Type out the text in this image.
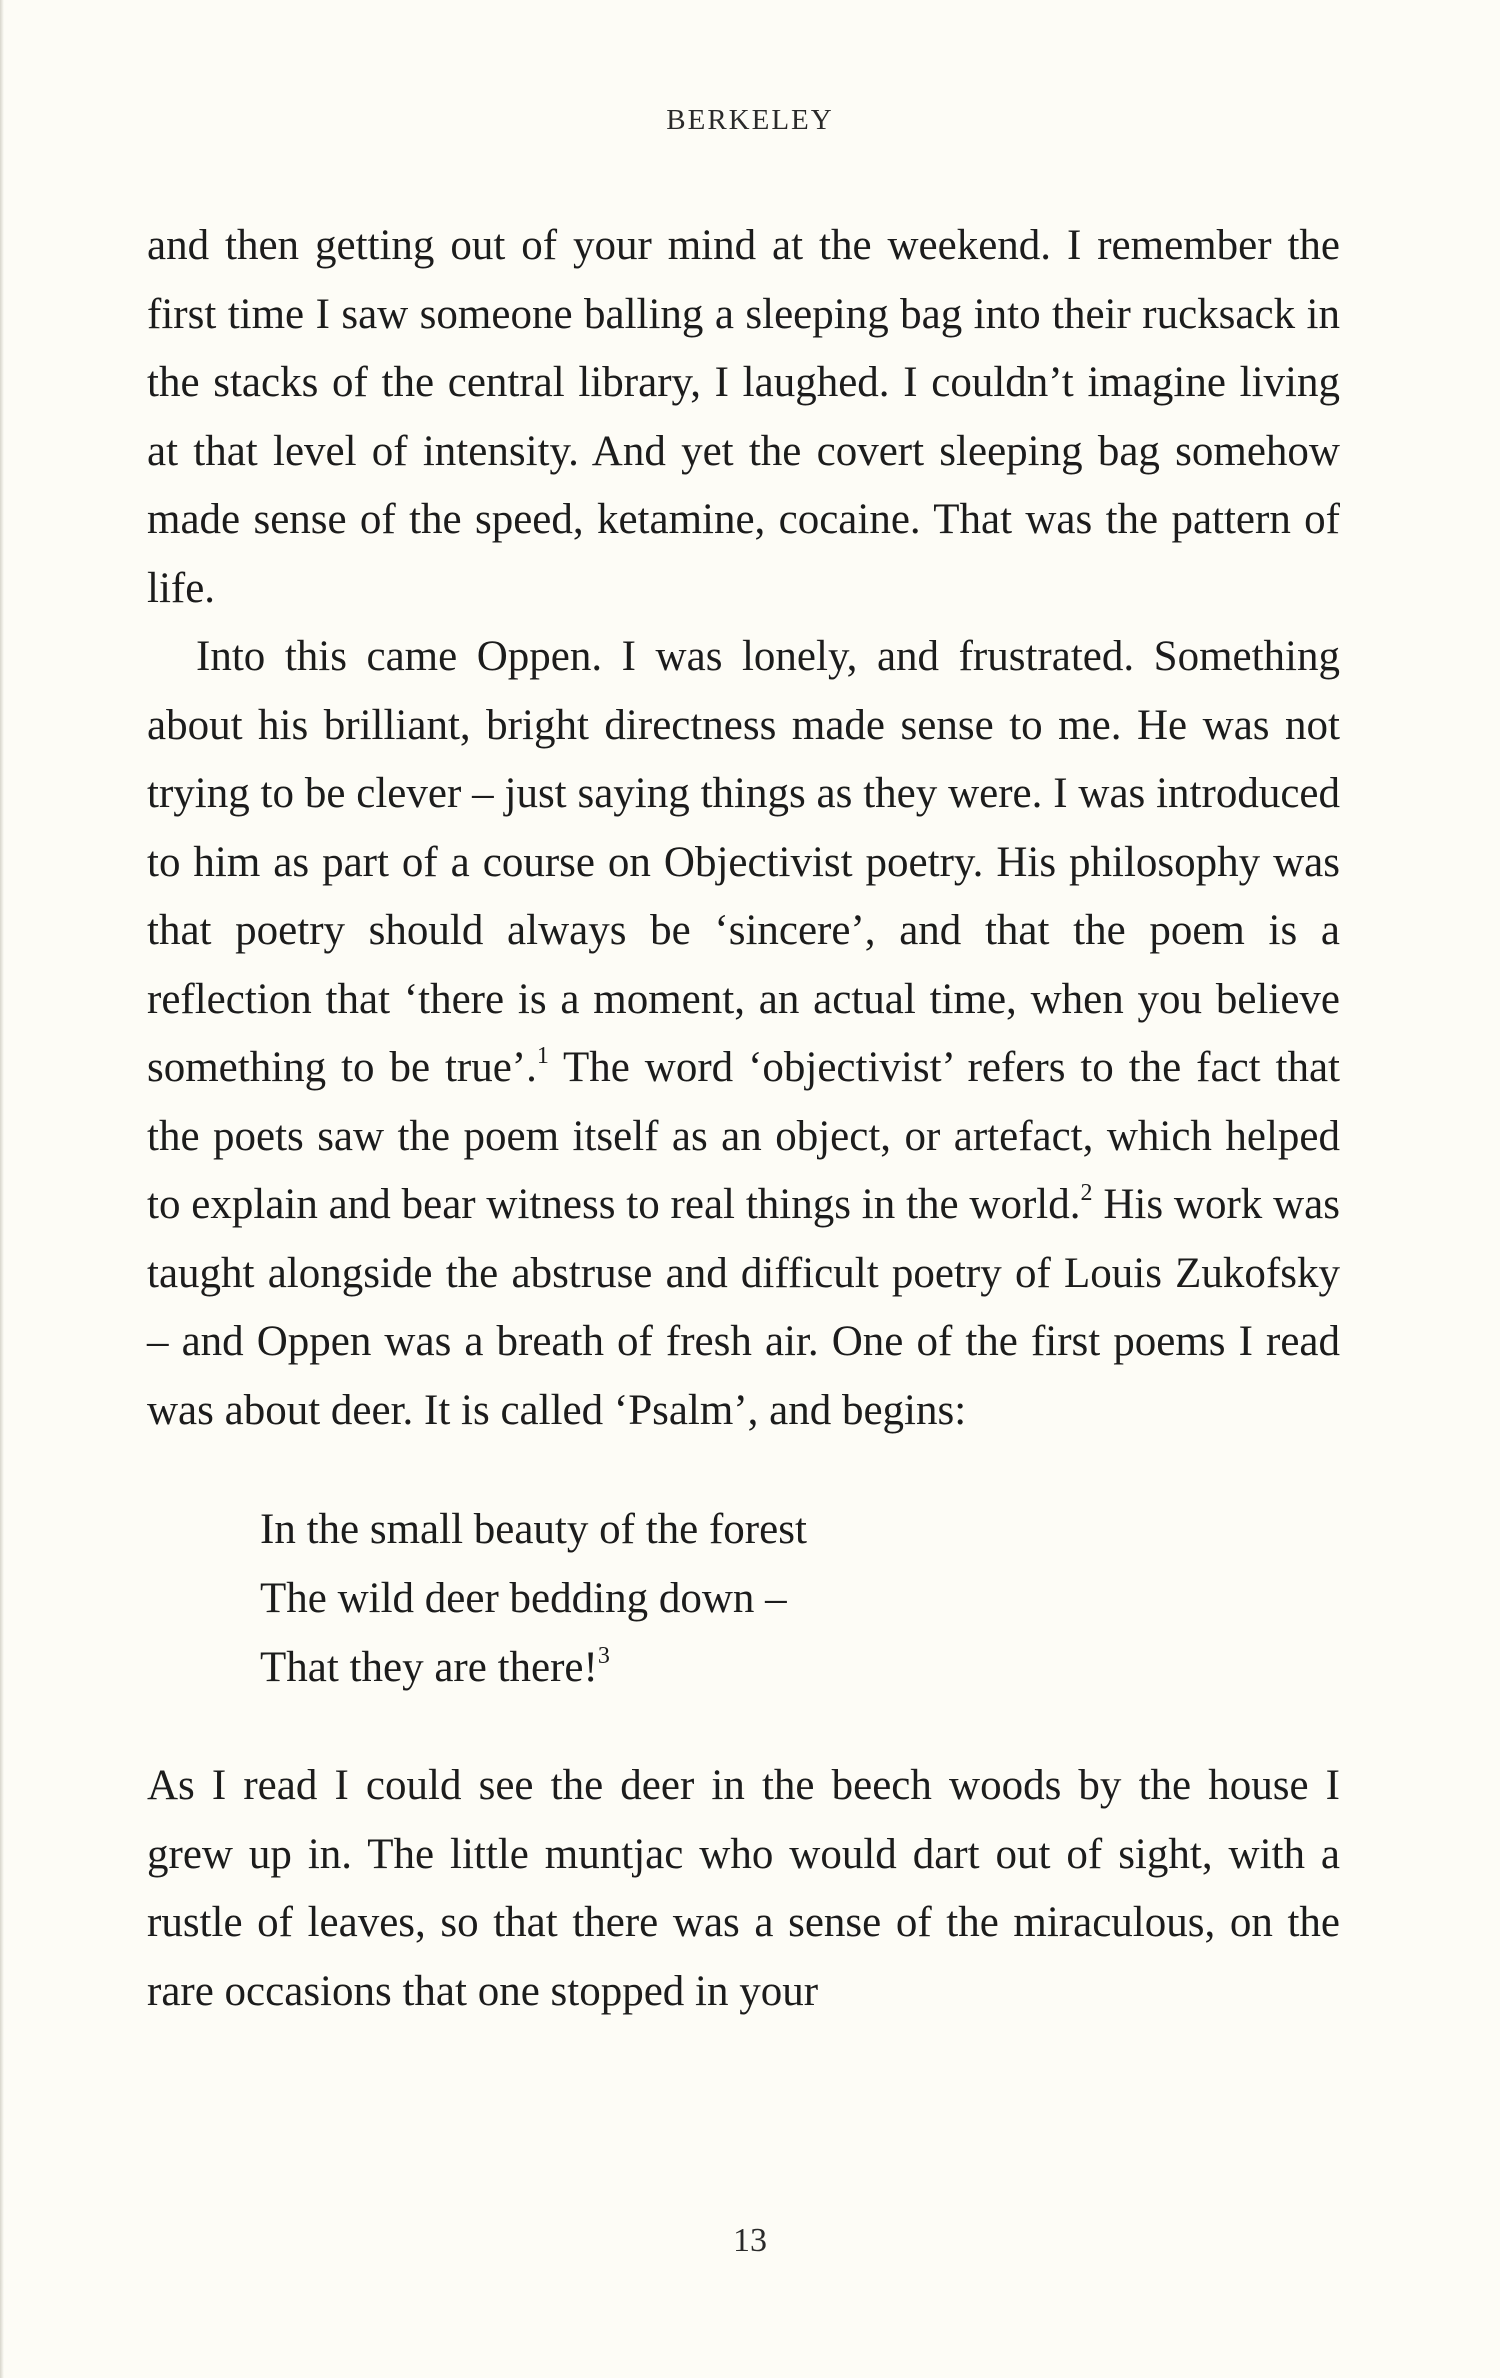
BERKELEY

and then getting out of your mind at the weekend. I remember the first time I saw someone balling a sleeping bag into their rucksack in the stacks of the central library, I laughed. I couldn’t imagine living at that level of intensity. And yet the covert sleeping bag somehow made sense of the speed, ketamine, cocaine. That was the pattern of life.

Into this came Oppen. I was lonely, and frustrated. Something about his brilliant, bright directness made sense to me. He was not trying to be clever – just saying things as they were. I was introduced to him as part of a course on Objectivist poetry. His philosophy was that poetry should always be ‘sincere’, and that the poem is a reflection that ‘there is a moment, an actual time, when you believe something to be true’.$^1$ The word ‘objectivist’ refers to the fact that the poets saw the poem itself as an object, or artefact, which helped to explain and bear witness to real things in the world.$^2$ His work was taught alongside the abstruse and difficult poetry of Louis Zukofsky – and Oppen was a breath of fresh air. One of the first poems I read was about deer. It is called ‘Psalm’, and begins:

In the small beauty of the forest
The wild deer bedding down –
That they are there!$^3$

As I read I could see the deer in the beech woods by the house I grew up in. The little muntjac who would dart out of sight, with a rustle of leaves, so that there was a sense of the miraculous, on the rare occasions that one stopped in your

13
